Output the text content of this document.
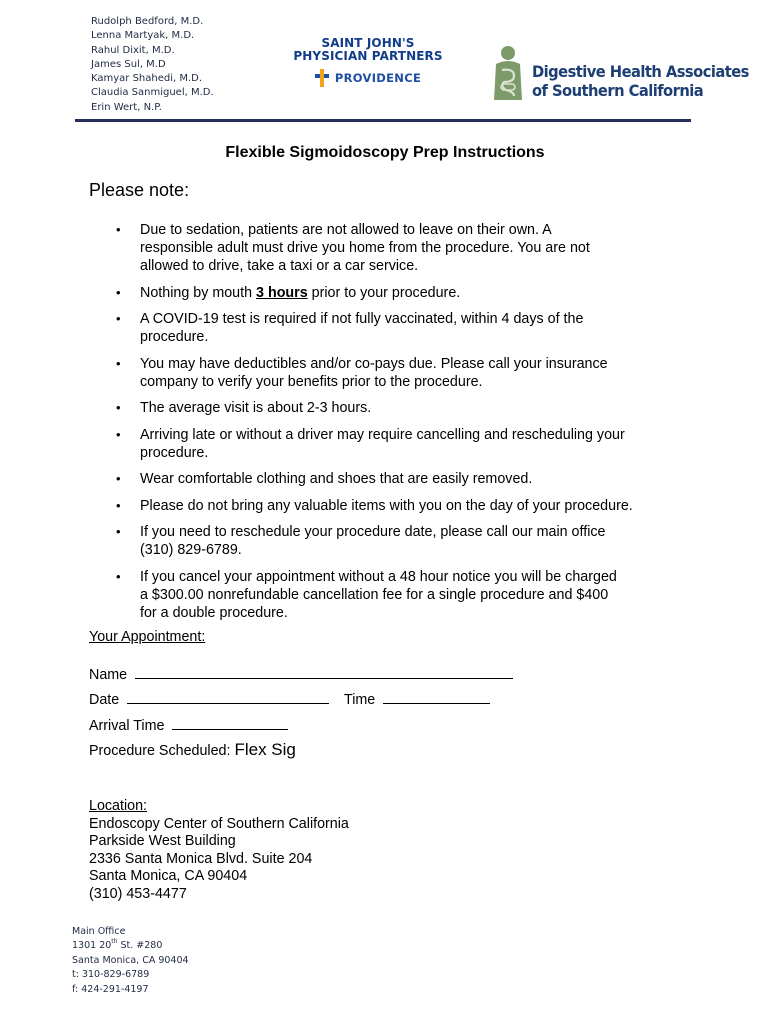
Rudolph Bedford, M.D.
Lenna Martyak, M.D.
Rahul Dixit, M.D.
James Sul, M.D
Kamyar Shahedi, M.D.
Claudia Sanmiguel, M.D.
Erin Wert, N.P.
SAINT JOHN'S
PHYSICIAN PARTNERS
PROVIDENCE	Digestive Health Associates
of Southern California
Flexible Sigmoidoscopy Prep Instructions
Please note:
• Due to sedation, patients are not allowed to leave on their own. A
responsible adult must drive you home from the procedure. You are not
allowed to drive, take a taxi or a car service.
• Nothing by mouth 3 hours prior to your procedure.
• A COVID-19 test is required if not fully vaccinated, within 4 days of the
procedure.
• You may have deductibles and/or co-pays due. Please call your insurance
company to verify your benefits prior to the procedure.
• The average visit is about 2-3 hours.
• Arriving late or without a driver may require cancelling and rescheduling your
procedure.
• Wear comfortable clothing and shoes that are easily removed.
• Please do not bring any valuable items with you on the day of your procedure.
• If you need to reschedule your procedure date, please call our main office
(310) 829-6789.
• If you cancel your appointment without a 48 hour notice you will be charged
a $300.00 nonrefundable cancellation fee for a single procedure and $400
for a double procedure.
Your Appointment:
Name
Date	Time
Arrival Time
Procedure Scheduled: Flex Sig
Location:
Endoscopy Center of Southern California
Parkside West Building
2336 Santa Monica Blvd. Suite 204
Santa Monica, CA 90404
(310) 453-4477
Main Office
1301 20th St. #280
Santa Monica, CA 90404
t: 310-829-6789
f: 424-291-4197
